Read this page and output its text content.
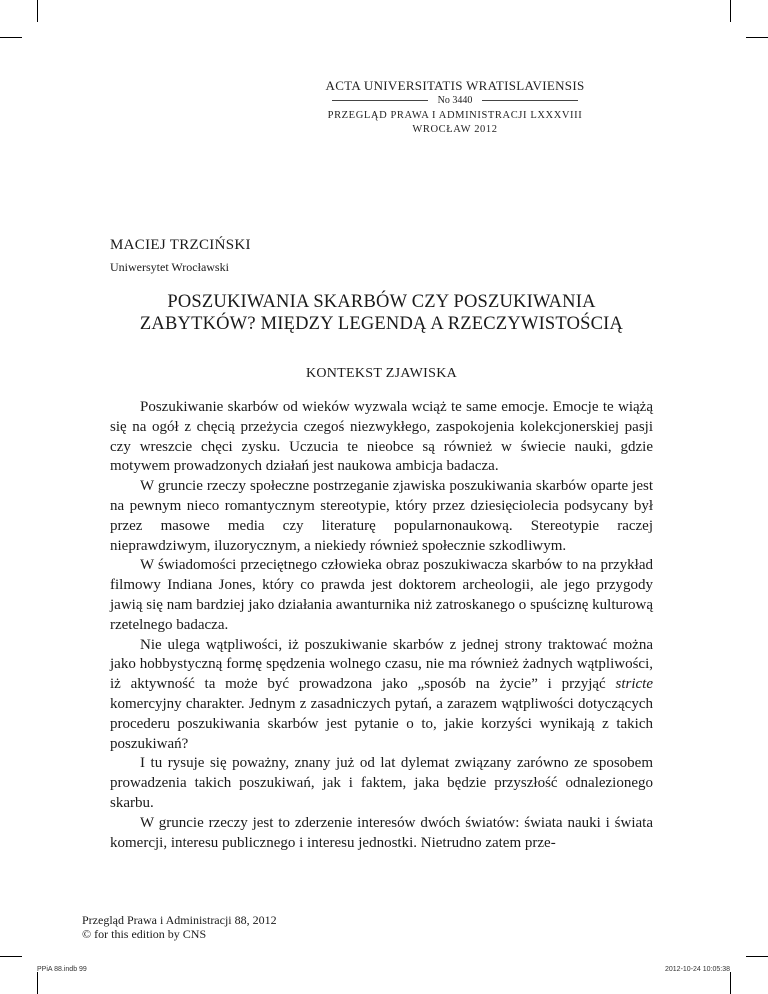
ACTA UNIVERSITATIS WRATISLAVIENSIS
No 3440
PRZEGLĄD PRAWA I ADMINISTRACJI LXXXVIII
WROCŁAW 2012
MACIEJ TRZCIŃSKI
Uniwersytet Wrocławski
POSZUKIWANIA SKARBÓW CZY POSZUKIWANIA
ZABYTKÓW? MIĘDZY LEGENDĄ A RZECZYWISTOŚCIĄ
KONTEKST ZJAWISKA

Poszukiwanie skarbów od wieków wyzwala wciąż te same emocje. Emocje te wiążą się na ogół z chęcią przeżycia czegoś niezwykłego, zaspokojenia kolekcjonerskiej pasji czy wreszcie chęci zysku. Uczucia te nieobce są również w świecie nauki, gdzie motywem prowadzonych działań jest naukowa ambicja badacza.

W gruncie rzeczy społeczne postrzeganie zjawiska poszukiwania skarbów oparte jest na pewnym nieco romantycznym stereotypie, który przez dziesięciolecia podsycany był przez masowe media czy literaturę popularnonaukową. Stereotypie raczej nieprawdziwym, iluzorycznym, a niekiedy również społecznie szkodliwym.

W świadomości przeciętnego człowieka obraz poszukiwacza skarbów to na przykład filmowy Indiana Jones, który co prawda jest doktorem archeologii, ale jego przygody jawią się nam bardziej jako działania awanturnika niż zatroskanego o spuściznę kulturową rzetelnego badacza.

Nie ulega wątpliwości, iż poszukiwanie skarbów z jednej strony traktować można jako hobbystyczną formę spędzenia wolnego czasu, nie ma również żadnych wątpliwości, iż aktywność ta może być prowadzona jako „sposób na życie” i przyjąć stricte komercyjny charakter. Jednym z zasadniczych pytań, a zarazem wątpliwości dotyczących procederu poszukiwania skarbów jest pytanie o to, jakie korzyści wynikają z takich poszukiwań?

I tu rysuje się poważny, znany już od lat dylemat związany zarówno ze sposobem prowadzenia takich poszukiwań, jak i faktem, jaka będzie przyszłość odnalezionego skarbu.

W gruncie rzeczy jest to zderzenie interesów dwóch światów: świata nauki i świata komercji, interesu publicznego i interesu jednostki. Nietrudno zatem prze-

Przegląd Prawa i Administracji 88, 2012
© for this edition by CNS
PPiA 88.indb 99	2012-10-24 10:05:38
